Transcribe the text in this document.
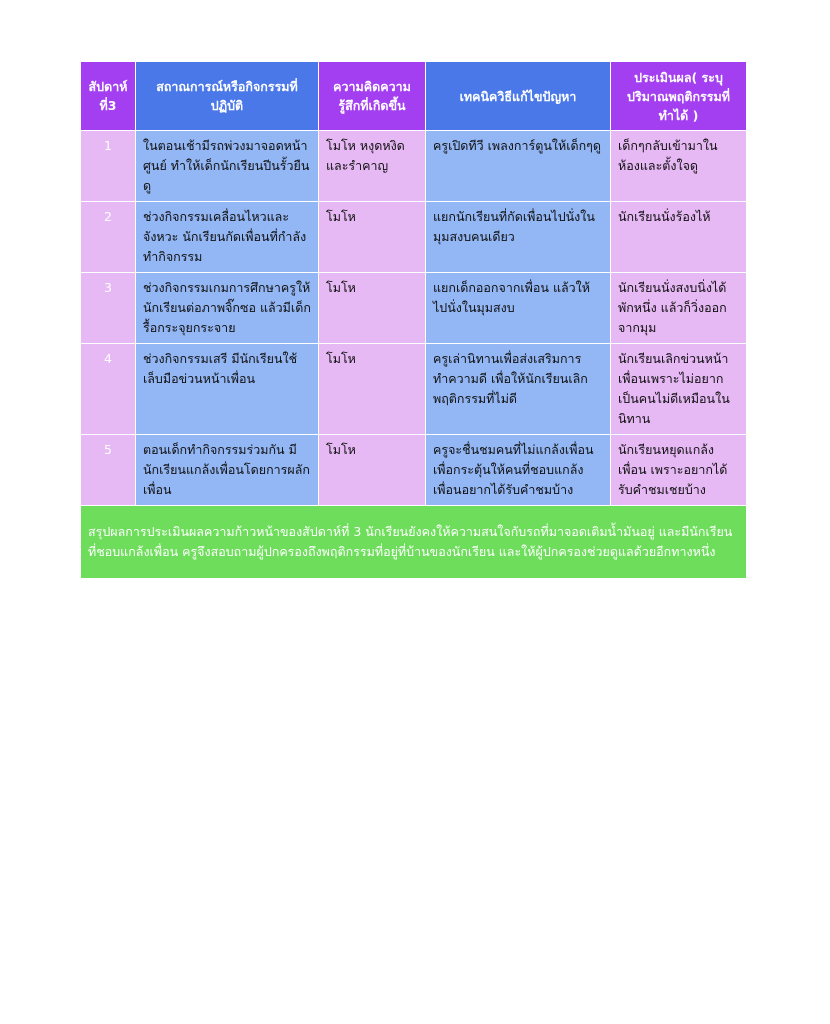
สัปดาห์ที่3	สถาณการณ์หรือกิจกรรมที่ปฏิบัติ	ความคิดความรู้สึกที่เกิดขึ้น	เทคนิควิธีแก้ไขปัญหา	ประเมินผล( ระบุปริมาณพฤติกรรมที่ทำได้ )
1	ในตอนเช้ามีรถพ่วงมาจอดหน้าศูนย์ ทำให้เด็กนักเรียนปีนรั้วยืนดู	โมโห หงุดหงิด และรำคาญ	ครูเปิดทีวี เพลงการ์ตูนให้เด็กๆดู	เด็กๆกลับเข้ามาในห้องและตั้งใจดู
2	ช่วงกิจกรรมเคลื่อนไหวและจังหวะ นักเรียนกัดเพื่อนที่กำลังทำกิจกรรม	โมโห	แยกนักเรียนที่กัดเพื่อนไปนั่งในมุมสงบคนเดียว	นักเรียนนั่งร้องไห้
3	ช่วงกิจกรรมเกมการศึกษาครูให้นักเรียนต่อภาพจิ๊กซอ แล้วมีเด็กรื้อกระจุยกระจาย	โมโห	แยกเด็กออกจากเพื่อน แล้วให้ไปนั่งในมุมสงบ	นักเรียนนั่งสงบนิ่งได้พักหนึ่ง แล้วก็วิ่งออกจากมุม
4	ช่วงกิจกรรมเสรี มีนักเรียนใช้เล็บมือข่วนหน้าเพื่อน	โมโห	ครูเล่านิทานเพื่อส่งเสริมการทำความดี เพื่อให้นักเรียนเลิกพฤติกรรมที่ไม่ดี	นักเรียนเลิกข่วนหน้าเพื่อนเพราะไม่อยากเป็นคนไม่ดีเหมือนในนิทาน
5	ตอนเด็กทำกิจกรรมร่วมกัน มีนักเรียนแกล้งเพื่อนโดยการผลักเพื่อน	โมโห	ครูจะชื่นชมคนที่ไม่แกล้งเพื่อนเพื่อกระตุ้นให้คนที่ชอบแกล้งเพื่อนอยากได้รับคำชมบ้าง	นักเรียนหยุดแกล้งเพื่อน เพราะอยากได้รับคำชมเชยบ้าง
สรุปผลการประเมินผลความก้าวหน้าของสัปดาห์ที่ 3 นักเรียนยังคงให้ความสนใจกับรถที่มาจอดเติมน้ำมันอยู่ และมีนักเรียนที่ชอบแกล้งเพื่อน ครูจึงสอบถามผู้ปกครองถึงพฤติกรรมที่อยู่ที่บ้านของนักเรียน และให้ผู้ปกครองช่วยดูแลด้วยอีกทางหนึ่ง				
